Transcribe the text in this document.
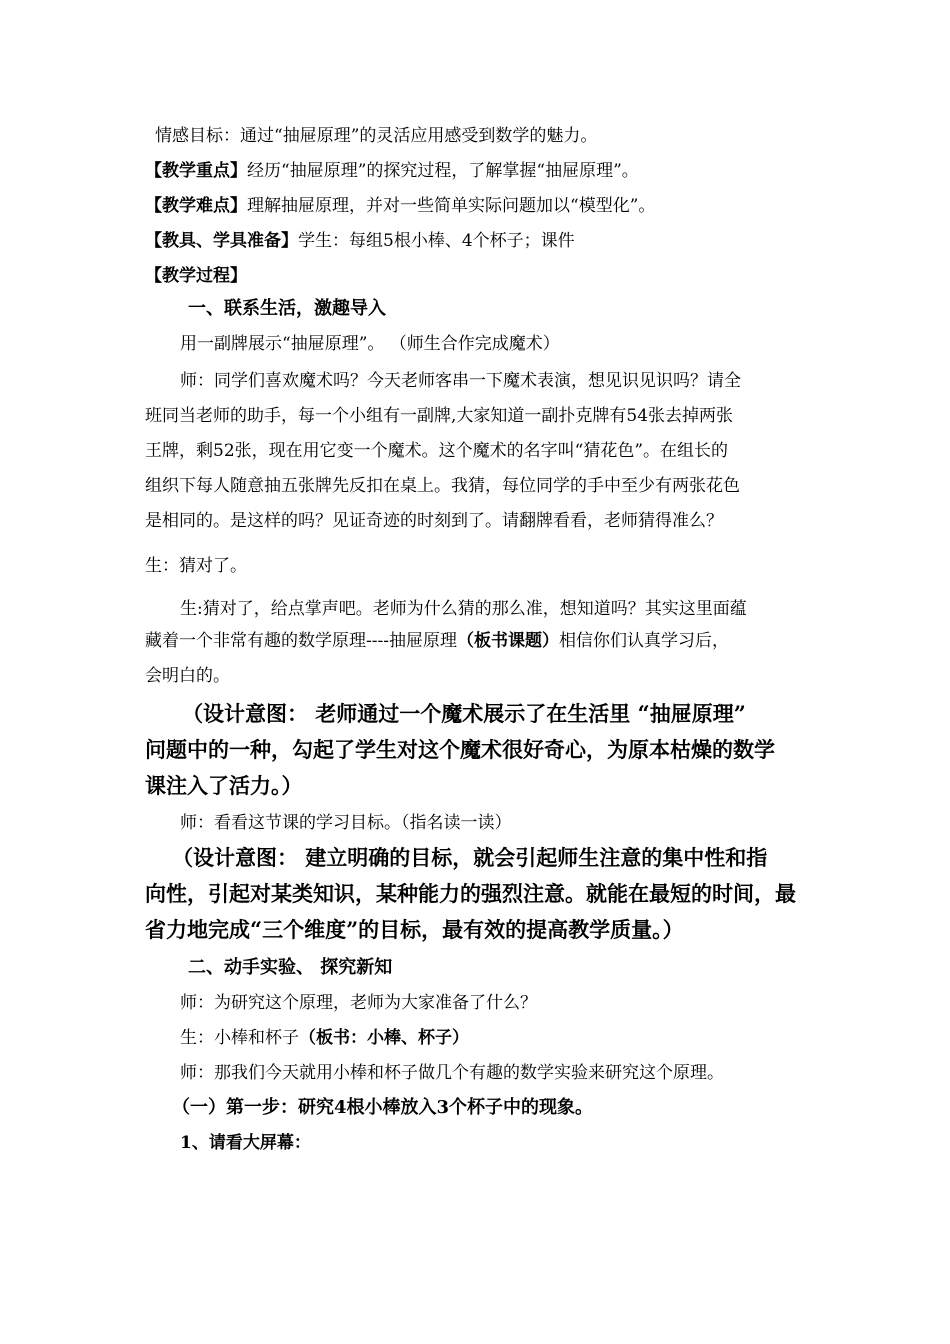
情感目标：通过“抽屉原理”的灵活应用感受到数学的魅力。
【教学重点】经历“抽屉原理”的探究过程，了解掌握“抽屉原理”。
【教学难点】理解抽屉原理，并对一些简单实际问题加以“模型化”。
【教具、学具准备】学生：每组5根小棒、4个杯子；课件
【教学过程】
一、联系生活，激趣导入
用一副牌展示“抽屉原理”。 （师生合作完成魔术）
师：同学们喜欢魔术吗？今天老师客串一下魔术表演，想见识见识吗？请全
班同当老师的助手，每一个小组有一副牌,大家知道一副扑克牌有54张去掉两张
王牌，剩52张，现在用它变一个魔术。这个魔术的名字叫“猜花色”。在组长的
组织下每人随意抽五张牌先反扣在桌上。我猜，每位同学的手中至少有两张花色
是相同的。是这样的吗？见证奇迹的时刻到了。请翻牌看看，老师猜得准么？
生：猜对了。
生:猜对了，给点掌声吧。老师为什么猜的那么准，想知道吗？其实这里面蕴
藏着一个非常有趣的数学原理----抽屉原理（板书课题）相信你们认真学习后，
会明白的。
（设计意图： 老师通过一个魔术展示了在生活里 “抽屉原理”
问题中的一种，勾起了学生对这个魔术很好奇心，为原本枯燥的数学
课注入了活力。）
师：看看这节课的学习目标。（指名读一读）
（设计意图： 建立明确的目标，就会引起师生注意的集中性和指
向性，引起对某类知识，某种能力的强烈注意。就能在最短的时间，最
省力地完成“三个维度”的目标，最有效的提高教学质量。）
二、动手实验、 探究新知
师：为研究这个原理，老师为大家准备了什么？
生：小棒和杯子（板书：小棒、杯子）
师：那我们今天就用小棒和杯子做几个有趣的数学实验来研究这个原理。
（一）第一步：研究4根小棒放入3个杯子中的现象。
1、请看大屏幕：
